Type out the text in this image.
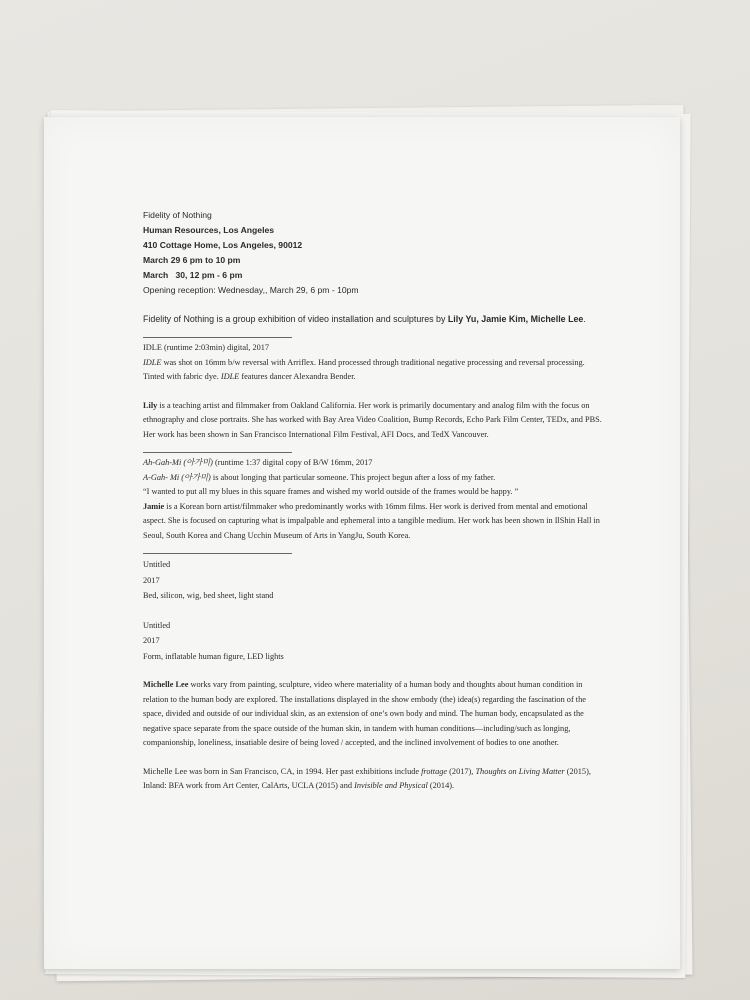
Fidelity of Nothing
Human Resources, Los Angeles
410 Cottage Home, Los Angeles, 90012
March 29 6 pm to 10 pm
March   30, 12 pm - 6 pm
Opening reception: Wednesday,, March 29, 6 pm - 10pm

Fidelity of Nothing is a group exhibition of video installation and sculptures by Lily Yu, Jamie Kim, Michelle Lee.

IDLE (runtime 2:03min) digital, 2017

IDLE was shot on 16mm b/w reversal with Arriflex. Hand processed through traditional negative processing and reversal processing. Tinted with fabric dye. IDLE features dancer Alexandra Bender.

Lily is a teaching artist and filmmaker from Oakland California. Her work is primarily documentary and analog film with the focus on ethnography and close portraits. She has worked with Bay Area Video Coalition, Bump Records, Echo Park Film Center, TEDx, and PBS. Her work has been shown in San Francisco International Film Festival, AFI Docs, and TedX Vancouver.

Ah-Gah-Mi (아가미) (runtime 1:37 digital copy of B/W 16mm, 2017

A-Gah- Mi (아가미) is about longing that particular someone. This project begun after a loss of my father.

“I wanted to put all my blues in this square frames and wished my world outside of the frames would be happy. ”

Jamie is a Korean born artist/filmmaker who predominantly works with 16mm films. Her work is derived from mental and emotional aspect. She is focused on capturing what is impalpable and ephemeral into a tangible medium. Her work has been shown in IlShin Hall in Seoul, South Korea and Chang Ucchin Museum of Arts in YangJu, South Korea.

Untitled
2017
Bed, silicon, wig, bed sheet, light stand
Untitled
2017
Form, inflatable human figure, LED lights

Michelle Lee works vary from painting, sculpture, video where materiality of a human body and thoughts about human condition in relation to the human body are explored. The installations displayed in the show embody (the) idea(s) regarding the fascination of the space, divided and outside of our individual skin, as an extension of one’s own body and mind. The human body, encapsulated as the negative space separate from the space outside of the human skin, in tandem with human conditions—including/such as longing, companionship, loneliness, insatiable desire of being loved / accepted, and the inclined involvement of bodies to one another.

Michelle Lee was born in San Francisco, CA, in 1994. Her past exhibitions include frottage (2017), Thoughts on Living Matter (2015), Inland: BFA work from Art Center, CalArts, UCLA (2015) and Invisible and Physical (2014).
